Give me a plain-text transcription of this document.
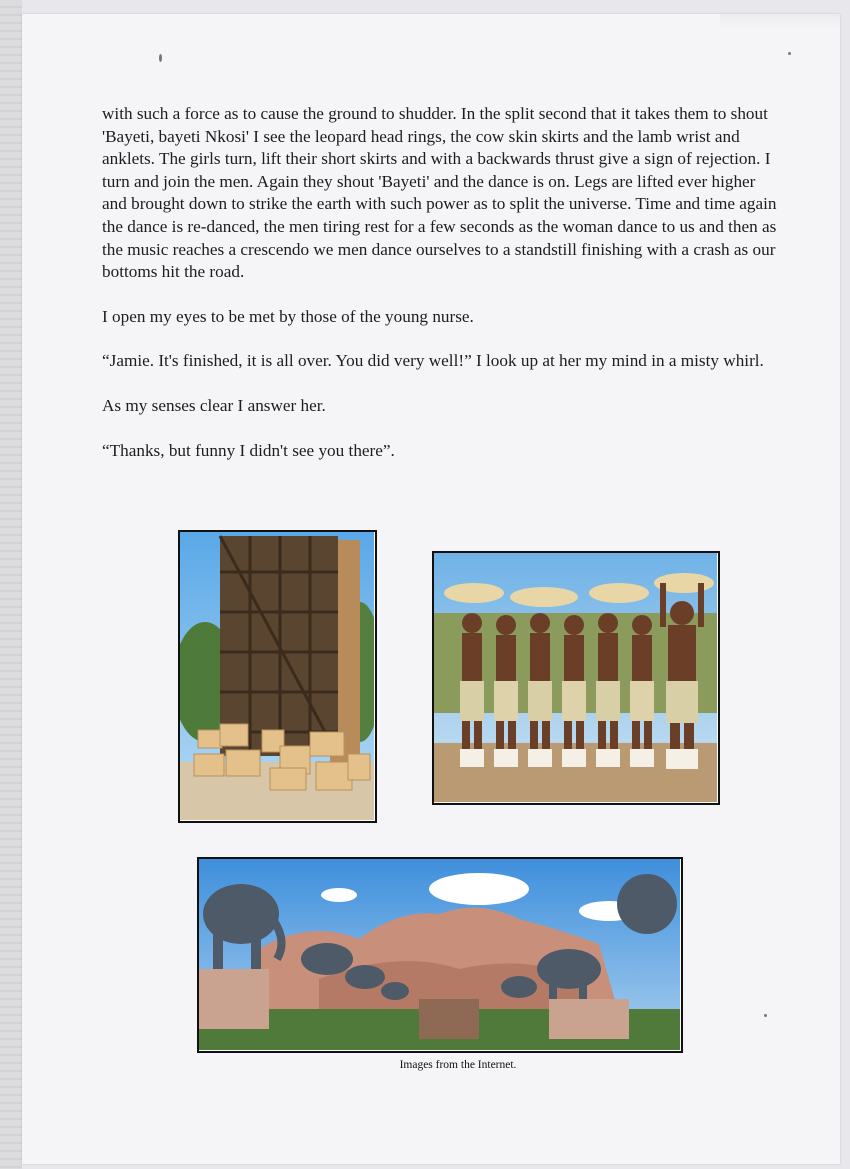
with such a force as to cause the ground to shudder. In the split second that it takes them to shout 'Bayeti, bayeti Nkosi' I see the leopard head rings, the cow skin skirts and the lamb wrist and anklets. The girls turn, lift their short skirts and with a backwards thrust give a sign of rejection. I turn and join the men. Again they shout 'Bayeti' and the dance is on. Legs are lifted ever higher and brought down to strike the earth with such power as to split the universe. Time and time again the dance is re-danced, the men tiring rest for a few seconds as the woman dance to us and then as the music reaches a crescendo we men dance ourselves to a standstill finishing with a crash as our bottoms hit the road.

I open my eyes to be met by those of the young nurse.

“Jamie. It's finished, it is all over. You did very well!” I look up at her my mind in a misty whirl.

As my senses clear I answer her.

“Thanks, but funny I didn't see you there”.

Images from the Internet.
